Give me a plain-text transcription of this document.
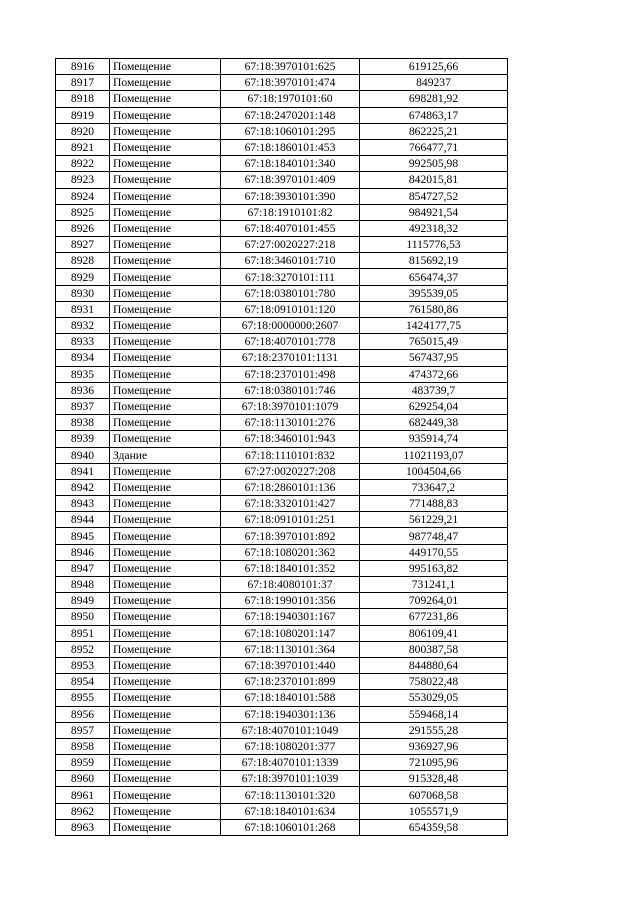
8916	Помещение	67:18:3970101:625	619125,66
8917	Помещение	67:18:3970101:474	849237
8918	Помещение	67:18:1970101:60	698281,92
8919	Помещение	67:18:2470201:148	674863,17
8920	Помещение	67:18:1060101:295	862225,21
8921	Помещение	67:18:1860101:453	766477,71
8922	Помещение	67:18:1840101:340	992505,98
8923	Помещение	67:18:3970101:409	842015,81
8924	Помещение	67:18:3930101:390	854727,52
8925	Помещение	67:18:1910101:82	984921,54
8926	Помещение	67:18:4070101:455	492318,32
8927	Помещение	67:27:0020227:218	1115776,53
8928	Помещение	67:18:3460101:710	815692,19
8929	Помещение	67:18:3270101:111	656474,37
8930	Помещение	67:18:0380101:780	395539,05
8931	Помещение	67:18:0910101:120	761580,86
8932	Помещение	67:18:0000000:2607	1424177,75
8933	Помещение	67:18:4070101:778	765015,49
8934	Помещение	67:18:2370101:1131	567437,95
8935	Помещение	67:18:2370101:498	474372,66
8936	Помещение	67:18:0380101:746	483739,7
8937	Помещение	67:18:3970101:1079	629254,04
8938	Помещение	67:18:1130101:276	682449,38
8939	Помещение	67:18:3460101:943	935914,74
8940	Здание	67:18:1110101:832	11021193,07
8941	Помещение	67:27:0020227:208	1004504,66
8942	Помещение	67:18:2860101:136	733647,2
8943	Помещение	67:18:3320101:427	771488,83
8944	Помещение	67:18:0910101:251	561229,21
8945	Помещение	67:18:3970101:892	987748,47
8946	Помещение	67:18:1080201:362	449170,55
8947	Помещение	67:18:1840101:352	995163,82
8948	Помещение	67:18:4080101:37	731241,1
8949	Помещение	67:18:1990101:356	709264,01
8950	Помещение	67:18:1940301:167	677231,86
8951	Помещение	67:18:1080201:147	806109,41
8952	Помещение	67:18:1130101:364	800387,58
8953	Помещение	67:18:3970101:440	844880,64
8954	Помещение	67:18:2370101:899	758022,48
8955	Помещение	67:18:1840101:588	553029,05
8956	Помещение	67:18:1940301:136	559468,14
8957	Помещение	67:18:4070101:1049	291555,28
8958	Помещение	67:18:1080201:377	936927,96
8959	Помещение	67:18:4070101:1339	721095,96
8960	Помещение	67:18:3970101:1039	915328,48
8961	Помещение	67:18:1130101:320	607068,58
8962	Помещение	67:18:1840101:634	1055571,9
8963	Помещение	67:18:1060101:268	654359,58
